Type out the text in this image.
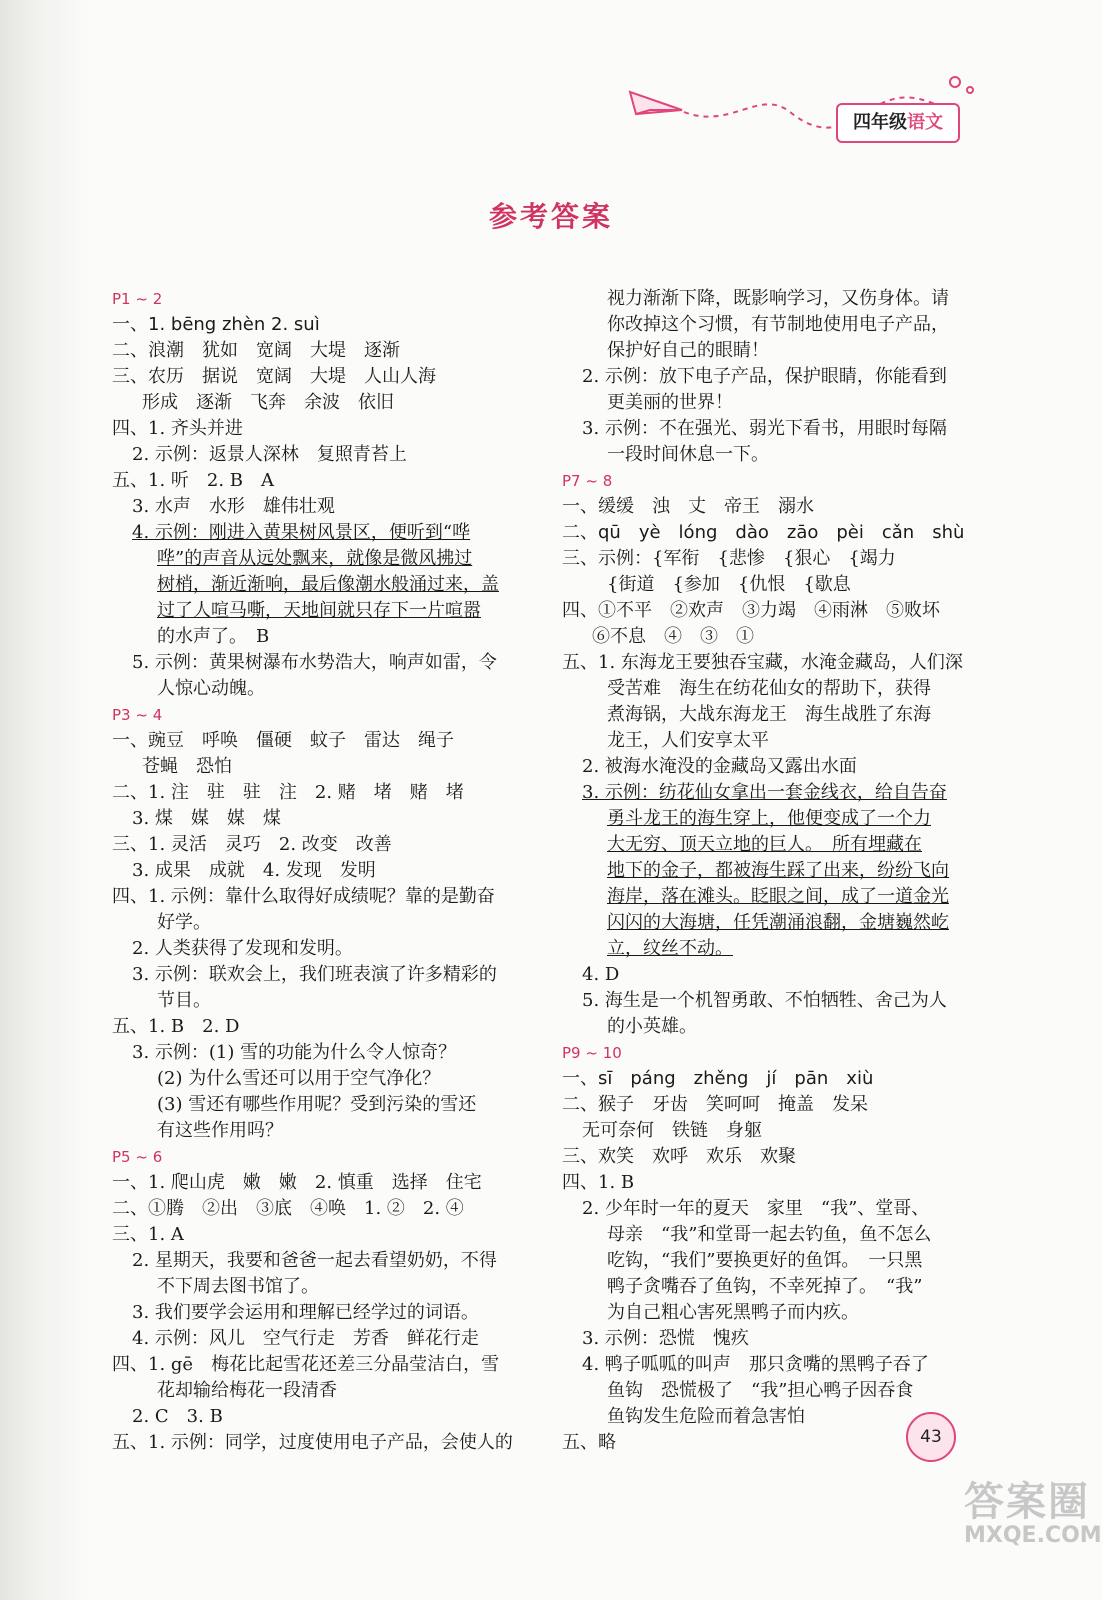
四年级语文
参考答案
P1 ~ 2
一、1. bēng zhèn 2. suì
二、浪潮　犹如　宽阔　大堤　逐渐
三、农历　据说　宽阔　大堤　人山人海
形成　逐渐　飞奔　余波　依旧
四、1. 齐头并进
2. 示例：返景人深林　复照青苔上
五、1. 听　2. B　A
3. 水声　水形　雄伟壮观
4. 示例：刚进入黄果树风景区，便听到“哗
哗”的声音从远处飘来，就像是微风拂过
树梢，渐近渐响，最后像潮水般涌过来，盖
过了人喧马嘶，天地间就只存下一片喧嚣
的水声了。　B
5. 示例：黄果树瀑布水势浩大，响声如雷，令
人惊心动魄。
P3 ~ 4
一、豌豆　呼唤　僵硬　蚊子　雷达　绳子
苍蝇　恐怕
二、1. 注　驻　驻　注　2. 赌　堵　赌　堵
3. 煤　媒　媒　煤
三、1. 灵活　灵巧　2. 改变　改善
3. 成果　成就　4. 发现　发明
四、1. 示例：靠什么取得好成绩呢？靠的是勤奋
好学。
2. 人类获得了发现和发明。
3. 示例：联欢会上，我们班表演了许多精彩的
节目。
五、1. B　2. D
3. 示例：(1) 雪的功能为什么令人惊奇？
(2) 为什么雪还可以用于空气净化？
(3) 雪还有哪些作用呢？受到污染的雪还
有这些作用吗？
P5 ~ 6
一、1. 爬山虎　嫩　嫩　2. 慎重　选择　住宅
二、①腾　②出　③底　④唤　1. ②　2. ④
三、1. A
2. 星期天，我要和爸爸一起去看望奶奶，不得
不下周去图书馆了。
3. 我们要学会运用和理解已经学过的词语。
4. 示例：风儿　空气行走　芳香　鲜花行走
四、1. gē　梅花比起雪花还差三分晶莹洁白，雪
花却输给梅花一段清香
2. C　3. B
五、1. 示例：同学，过度使用电子产品，会使人的
视力渐渐下降，既影响学习，又伤身体。请
你改掉这个习惯，有节制地使用电子产品，
保护好自己的眼睛！
2. 示例：放下电子产品，保护眼睛，你能看到
更美丽的世界！
3. 示例：不在强光、弱光下看书，用眼时每隔
一段时间休息一下。
P7 ~ 8
一、缓缓　浊　丈　帝王　溺水
二、qū　yè　lóng　dào　zāo　pèi　cǎn　shù
三、示例：{军衔　{悲惨　{狠心　{竭力
{街道　{参加　{仇恨　{歇息
四、①不平　②欢声　③力竭　④雨淋　⑤败坏
⑥不息　④　③　①
五、1. 东海龙王要独吞宝藏，水淹金藏岛，人们深
受苦难　海生在纺花仙女的帮助下，获得
煮海锅，大战东海龙王　海生战胜了东海
龙王，人们安享太平
2. 被海水淹没的金藏岛又露出水面
3. 示例：纺花仙女拿出一套金线衣，给自告奋
勇斗龙王的海生穿上，他便变成了一个力
大无穷、顶天立地的巨人。　所有埋藏在
地下的金子，都被海生踩了出来，纷纷飞向
海岸，落在滩头。眨眼之间，成了一道金光
闪闪的大海塘，任凭潮涌浪翻，金塘巍然屹
立，纹丝不动。
4. D
5. 海生是一个机智勇敢、不怕牺牲、舍己为人
的小英雄。
P9 ~ 10
一、sī　páng　zhěng　jí　pān　xiù
二、猴子　牙齿　笑呵呵　掩盖　发呆
无可奈何　铁链　身躯
三、欢笑　欢呼　欢乐　欢聚
四、1. B
2. 少年时一年的夏天　家里　“我”、堂哥、
母亲　“我”和堂哥一起去钓鱼，鱼不怎么
吃钩，“我们”要换更好的鱼饵。　一只黑
鸭子贪嘴吞了鱼钩，不幸死掉了。　“我”
为自己粗心害死黑鸭子而内疚。
3. 示例：恐慌　愧疚
4. 鸭子呱呱的叫声　那只贪嘴的黑鸭子吞了
鱼钩　恐慌极了　“我”担心鸭子因吞食
鱼钩发生危险而着急害怕
五、略	43
答案圈
MXQE.COM
